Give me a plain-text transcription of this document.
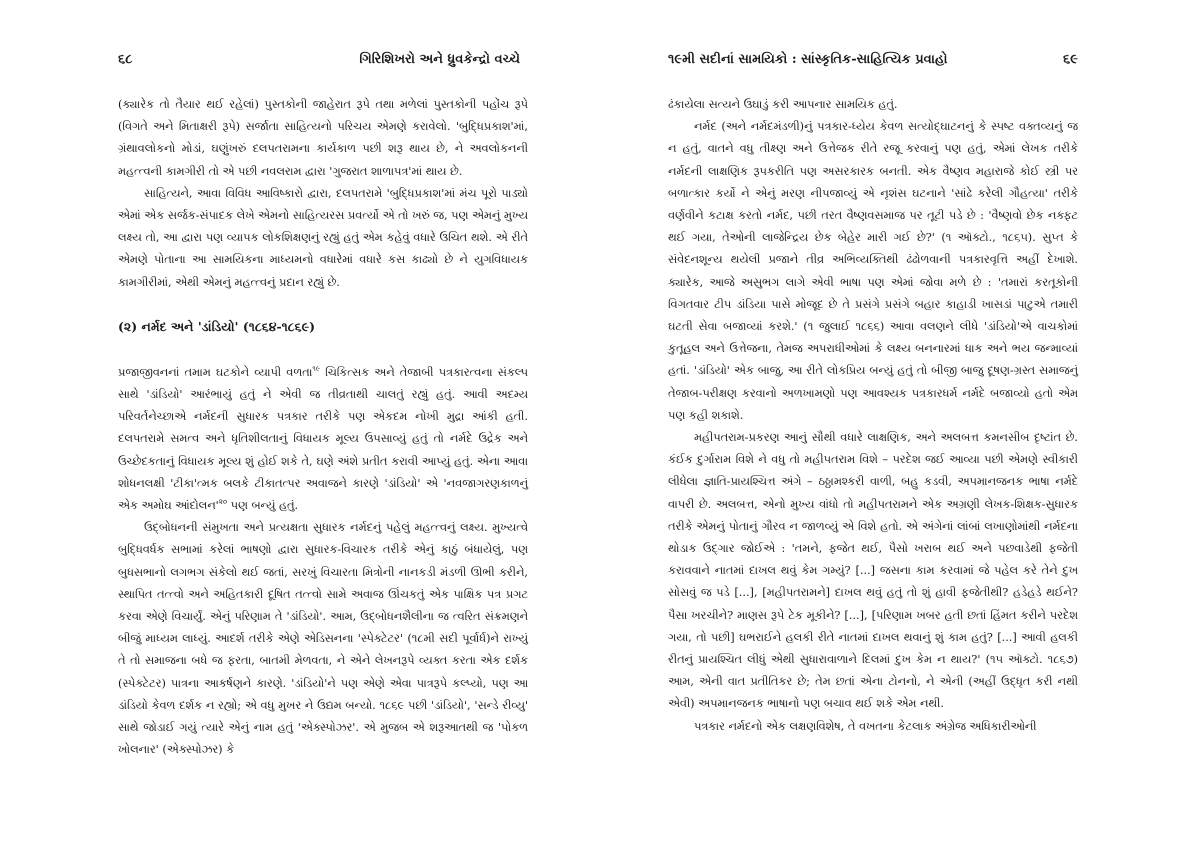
૬૮	ગિરિશિખરો અને ધ્રુવકેન્દ્રો વચ્ચે

(ક્યારેક તો તૈયાર થઈ રહેલાં) પુસ્તકોની જાહેરાત રૂપે તથા મળેલાં પુસ્તકોની પહોંચ રૂપે (વિગતે અને મિતાક્ષરી રૂપે) સર્જાતા સાહિત્યનો પરિચય એમણે કરાવેલો. 'બુદ્ધિપ્રકાશ'માં, ગ્રંથાવલોકનો મોડાં, ઘણુંખરું દલપતરામના કાર્યકાળ પછી શરૂ થાય છે, ને અવલોકનની મહત્ત્વની કામગીરી તો એ પછી નવલરામ દ્વારા 'ગુજરાત શાળાપત્ર'માં થાય છે.

સાહિત્યને, આવા વિવિધ આવિષ્કારો દ્વારા, દલપતરામે 'બુદ્ધિપ્રકાશ'માં મંચ પૂરો પાડ્યો એમાં એક સર્જક-સંપાદક લેખે એમનો સાહિત્યરસ પ્રવર્ત્યો એ તો ખરું જ, પણ એમનું મુખ્ય લક્ષ્ય તો, આ દ્વારા પણ વ્યાપક લોકશિક્ષણનું રહ્યું હતું એમ કહેવું વધારે ઉચિત થશે. એ રીતે એમણે પોતાના આ સામયિકના માધ્યમનો વધારેમાં વધારે કસ કાઢ્યો છે ને યુગવિધાયક કામગીરીમાં, એથી એમનું મહત્ત્વનું પ્રદાન રહ્યું છે.

(૨) નર્મદ અને 'ડાંડિયો' (૧૮૬૪-૧૮૬૯)

પ્રજાજીવનનાં તમામ ઘટકોને વ્યાપી વળતા$^{૧૯}$ ચિકિત્સક અને તેજાબી પત્રકારત્વના સંકલ્પ સાથે 'ડાંડિયો' આરંભાયું હતું ને એવી જ તીવ્રતાથી ચાલતું રહ્યું હતું. આવી અદમ્ય પરિવર્તનેચ્છાએ નર્મદની સુધારક પત્રકાર તરીકે પણ એકદમ નોખી મુદ્રા આંકી હતી. દલપતરામે સમત્વ અને ધૃતિશીલતાનું વિધાયક મૂલ્ય ઉપસાવ્યું હતું તો નર્મદે ઉદ્રેક અને ઉચ્છેદકતાનું વિધાયક મૂલ્ય શું હોઈ શકે તે, ઘણે અંશે પ્રતીત કરાવી આપ્યું હતું. એના આવા શોધનલક્ષી 'ટીકા'ત્મક બલકે ટીકાતત્પર અવાજને કારણે 'ડાંડિયો' એ 'નવજાગરણકાળનું એક અમોઘ $આંદોલન'^{૨૦}$ પણ બન્યું હતું.

ઉદ્બોધનની સંમુખતા અને પ્રત્યક્ષતા સુધારક નર્મદનું પહેલું મહત્ત્વનું લક્ષ્ય. મુખ્યત્વે બુદ્ધિવર્ધક સભામાં કરેલાં ભાષણો દ્વારા સુધારક-વિચારક તરીકે એનું કાઠું બંધાયેલું, પણ બુધસભાનો લગભગ સંકેલો થઈ જતાં, સરખું વિચારતા મિત્રોની નાનકડી મંડળી ઊભી કરીને, સ્થાપિત તત્ત્વો અને અહિતકારી દૂષિત તત્ત્વો સામે અવાજ ઊંચકતું એક પાક્ષિક પત્ર પ્રગટ કરવા એણે વિચાર્યું. એનું પરિણામ તે 'ડાંડિયો'. આમ, ઉદ્બોધનશૈલીના જ ત્વરિત સંક્રમણને બીજું માધ્યમ લાધ્યું. આદર્શ તરીકે એણે એડિસનના 'સ્પેક્ટેટર' (૧૮મી સદી પૂર્વાર્ધ)ને રાખ્યું તે તો સમાજના બધે જ ફરતા, બાતમી મેળવતા, ને એને લેખનરૂપે વ્યક્ત કરતા એક દર્શક (સ્પેક્ટેટર) પાત્રના આકર્ષણને કારણે. 'ડાંડિયો'ને પણ એણે એવા પાત્રરૂપે કલ્પ્યો, પણ આ ડાંડિયો કેવળ દર્શક ન રહ્યો; એ વધુ મુખર ને ઉદ્યમ બન્યો. ૧૮૬૯ પછી 'ડાંડિયો', 'સન્ડે રીવ્યુ' સાથે જોડાઈ ગયું ત્યારે એનું નામ હતું 'એક્સ્પોઝર'. એ મુજબ એ શરૂઆતથી જ 'પોકળ ખોલનાર' (એક્સ્પોઝર) કે

૧૯મી સદીનાં સામયિકો : સાંસ્કૃતિક-સાહિત્યિક પ્રવાહો	૬૯

ઢંકાયેલા સત્યને ઉઘાડું કરી આપનાર સામયિક હતું.

નર્મદ (અને નર્મદમંડળી)નું પત્રકાર-ધ્યેય કેવળ સત્યોદ્ઘાટનનું કે સ્પષ્ટ વક્તવ્યનું જ ન હતું, વાતને વધુ તીક્ષ્ણ અને ઉત્તેજક રીતે રજૂ કરવાનું પણ હતું, એમાં લેખક તરીકે નર્મદની લાક્ષણિક રૂપકરીતિ પણ અસરકારક બનતી. એક વૈષ્ણવ મહારાજે કોઈ સ્ત્રી પર બળાત્કાર કર્યો ને એનું મરણ નીપજાવ્યું એ નૃશંસ ઘટનાને 'સાંઢે કરેલી ગૌહત્યા' તરીકે વર્ણવીને કટાક્ષ કરતો નર્મદ, પછી તરત વૈષ્ણવસમાજ પર તૂટી પડે છે : 'વૈષ્ણવો છેક નક્ફટ થઈ ગયા, તેઓની લાજેન્દ્રિય છેક બેહેર મારી ગઈ છે?' (૧ ઑક્ટો., ૧૮૬૫). સુપ્ત કે સંવેદનશૂન્ય થયેલી પ્રજાને તીવ્ર અભિવ્યક્તિથી ઢંઢોળવાની પત્રકારવૃત્તિ અહીં દેખાશે. ક્યારેક, આજે અસુભગ લાગે એવી ભાષા પણ એમાં જોવા મળે છે : 'તમારાં કરતૂકોની વિગતવાર ટીપ ડાંડિયા પાસે મોજૂદ છે તે પ્રસંગે પ્રસંગે બહાર કાહાડી ખાસડાં પાટુએ તમારી ઘટતી સેવા બજાવ્યાં કરશે.' (૧ જુલાઈ ૧૮૬૬) આવા વલણને લીધે 'ડાંડિયો'એ વાચકોમાં કુતૂહલ અને ઉત્તેજના, તેમજ અપરાધીઓમાં કે લક્ષ્ય બનનારમાં ધાક અને ભય જન્માવ્યાં હતાં. 'ડાંડિયો' એક બાજુ, આ રીતે લોકપ્રિય બન્યું હતું તો બીજી બાજુ દૂષણ-ગ્રસ્ત સમાજનું તેજાબ-પરીક્ષણ કરવાનો અળખામણો પણ આવશ્યક પત્રકારધર્મ નર્મદે બજાવ્યો હતો એમ પણ કહી શકાશે.

મહીપતરામ-પ્રકરણ આનું સૌથી વધારે લાક્ષણિક, અને અલબત્ત કમનસીબ દૃષ્ટાંત છે. કંઈક દુર્ગારામ વિશે ને વધુ તો મહીપતરામ વિશે – પરદેશ જઈ આવ્યા પછી એમણે સ્વીકારી લીધેલા જ્ઞાતિ-પ્રાયશ્ચિત્ત અંગે – ઠઠ્ઠામશ્કરી વાળી, બહુ કડવી, અપમાનજનક ભાષા નર્મદે વાપરી છે. અલબત્ત, એનો મુખ્ય વાંધો તો મહીપતરામને એક અગ્રણી લેખક-શિક્ષક-સુધારક તરીકે એમનું પોતાનું ગૌરવ ન જાળવ્યું એ વિશે હતો. એ અંગેનાં લાંબાં લખાણોમાંથી નર્મદના થોડાક ઉદ્ગાર જોઈએ : 'તમને, ફજેત થઈ, પૈસો ખરાબ થઈ અને પછવાડેથી ફજેતી કરાવવાને નાતમાં દાખલ થવું કેમ ગમ્યું? [...] જસના કામ કરવામાં જે પહેલ કરે તેને દુખ સોસવું જ પડે [...], [મહીપતરામને] દાખલ થવું હતું તો શું હાવી ફજેતીથી? હડેહડે થઈને? પૈસા ખરચીને? માણસ રૂપે ટેક મૂકીને? [...], [પરિણામ ખબર હતી છતાં હિંમત કરીને પરદેશ ગયા, તો પછી] ઘભરાઈને હલકી રીતે નાતમાં દાખલ થવાનું શું કામ હતું? [...] આવી હલકી રીતનું પ્રાયશ્ચિત લીધું એથી સુધારાવાળાને દિલમાં દુખ કેમ ન થાય?' (૧૫ ઑક્ટો. ૧૮૬૭) આમ, એની વાત પ્રતીતિકર છે; તેમ છતાં એના ટોનનો, ને એની (અહીં ઉદ્ધૃત કરી નથી એવી) અપમાનજનક ભાષાનો પણ બચાવ થઈ શકે એમ નથી.

પત્રકાર નર્મદનો એક લક્ષણવિશેષ, તે વખતના કેટલાક અંગ્રેજ અધિકારીઓની
